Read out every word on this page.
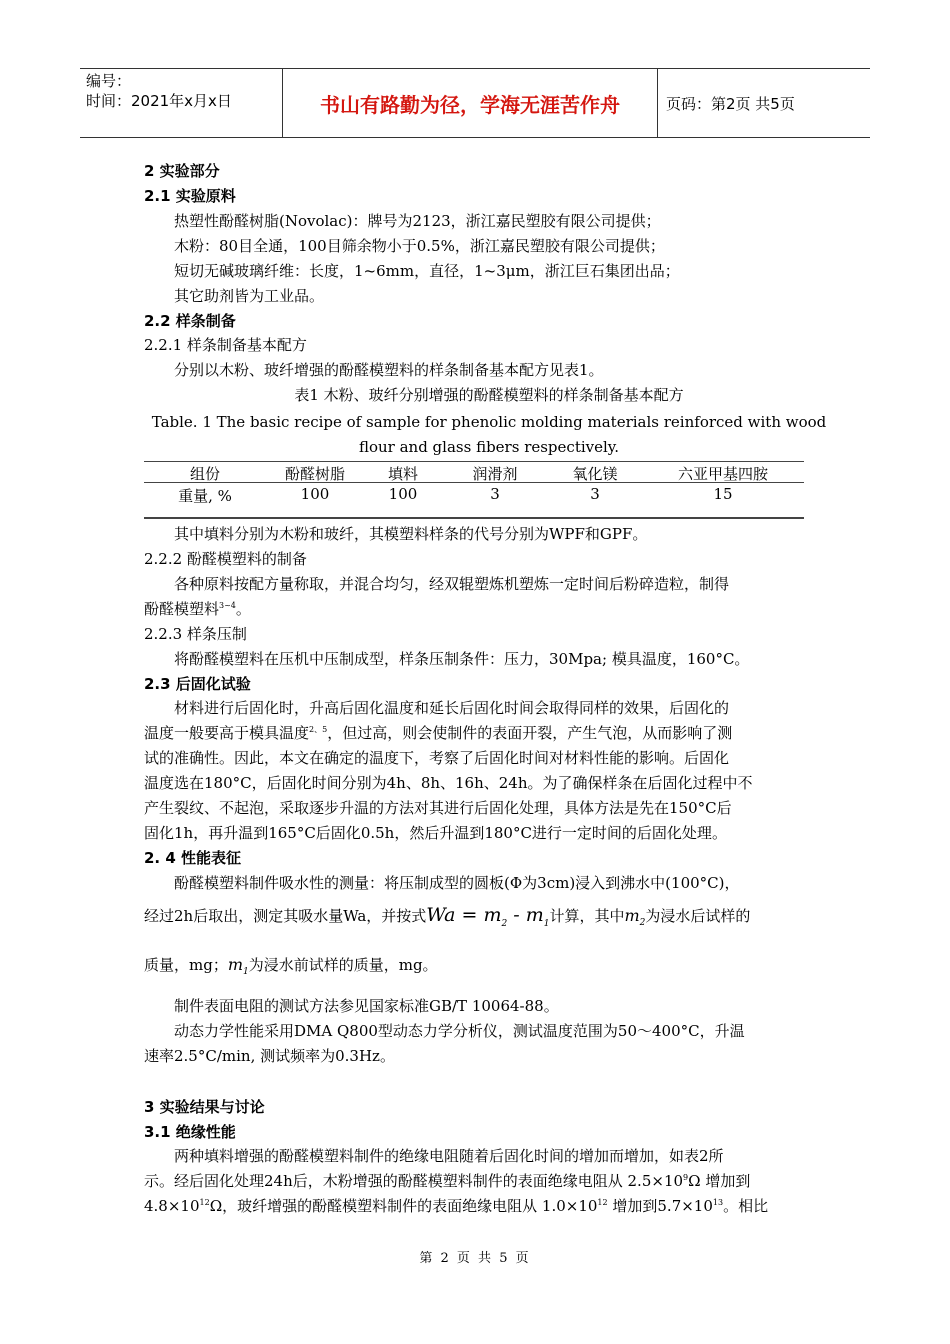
编号：
时间：2021年x月x日	书山有路勤为径，学海无涯苦作舟	页码：第2页 共5页
2 实验部分
2.1 实验原料
热塑性酚醛树脂(Novolac)：牌号为2123，浙江嘉民塑胶有限公司提供；
木粉：80目全通，100目筛余物小于0.5%，浙江嘉民塑胶有限公司提供；
短切无碱玻璃纤维：长度，1~6mm，直径，1~3μm，浙江巨石集团出品；
其它助剂皆为工业品。
2.2 样条制备
2.2.1 样条制备基本配方
分别以木粉、玻纤增强的酚醛模塑料的样条制备基本配方见表1。
表1 木粉、玻纤分别增强的酚醛模塑料的样条制备基本配方
Table. 1 The basic recipe of sample for phenolic molding materials reinforced with wood flour and glass fibers respectively.
组份	酚醛树脂	填料	润滑剂	氧化镁	六亚甲基四胺
重量, %	100	100	3	3	15
其中填料分别为木粉和玻纤，其模塑料样条的代号分别为WPF和GPF。
2.2.2 酚醛模塑料的制备
各种原料按配方量称取，并混合均匀，经双辊塑炼机塑炼一定时间后粉碎造粒，制得
酚醛模塑料$^{3\sim 4}$。
2.2.3 样条压制
将酚醛模塑料在压机中压制成型，样条压制条件：压力，30Mpa; 模具温度，160°C。
2.3 后固化试验
材料进行后固化时，升高后固化温度和延长后固化时间会取得同样的效果，后固化的
温度一般要高于模具温度$^{2、5}$，但过高，则会使制件的表面开裂，产生气泡，从而影响了测
试的准确性。因此，本文在确定的温度下，考察了后固化时间对材料性能的影响。后固化
温度选在180°C，后固化时间分别为4h、8h、16h、24h。为了确保样条在后固化过程中不
产生裂纹、不起泡，采取逐步升温的方法对其进行后固化处理，具体方法是先在150°C后
固化1h，再升温到165°C后固化0.5h，然后升温到180°C进行一定时间的后固化处理。
2. 4 性能表征
酚醛模塑料制件吸水性的测量：将压制成型的圆板(Φ为3cm)浸入到沸水中(100°C)，
经过2h后取出，测定其吸水量Wa，并按式$Wa = m_2 - m_1$计算，其中$m_2$为浸水后试样的
质量，mg；$m_1$为浸水前试样的质量，mg。
制件表面电阻的测试方法参见国家标准GB/T 10064-88。
动态力学性能采用DMA Q800型动态力学分析仪，测试温度范围为50～400°C，升温
速率2.5°C/min, 测试频率为0.3Hz。
3 实验结果与讨论
3.1 绝缘性能
两种填料增强的酚醛模塑料制件的绝缘电阻随着后固化时间的增加而增加，如表2所
示。经后固化处理24h后，木粉增强的酚醛模塑料制件的表面绝缘电阻从 $2.5\times 10^9\Omega$ 增加到
$4.8\times 10^{12}\Omega$，玻纤增强的酚醛模塑料制件的表面绝缘电阻从 $1.0\times 10^{12}$ 增加到$5.7\times 10^{13}$。相比
第 2 页 共 5 页
